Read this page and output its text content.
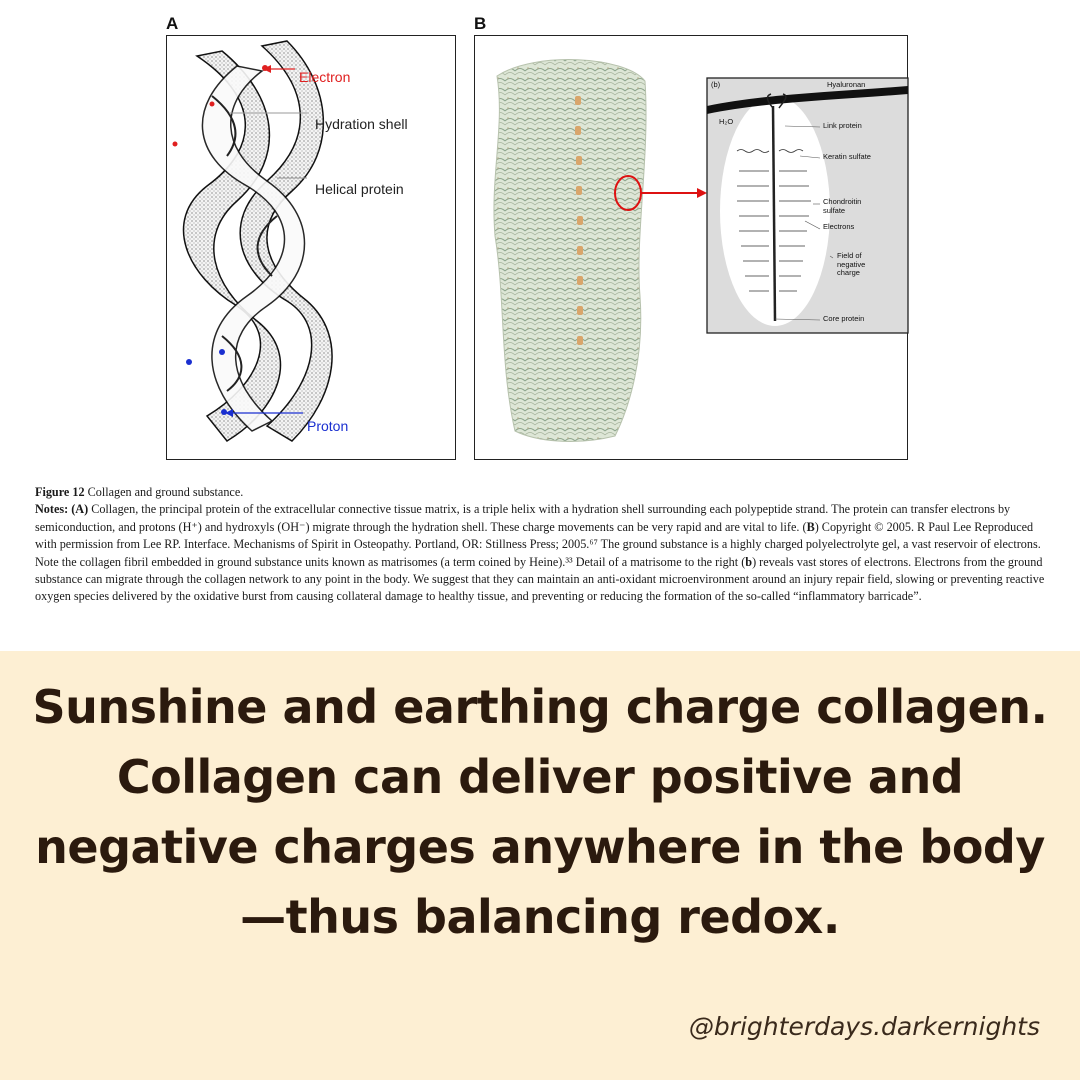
A	B
Electron
Hydration shell
Helical protein
Proton
(b)	Hyaluronan
H₂O	Link protein
Keratin sulfate
Chondroitin
sulfate
Electrons
Field of
negative
charge
Core protein

Figure 12 Collagen and ground substance.

Notes: (A) Collagen, the principal protein of the extracellular connective tissue matrix, is a triple helix with a hydration shell surrounding each polypeptide strand. The protein can transfer electrons by semiconduction, and protons (H⁺) and hydroxyls (OH⁻) migrate through the hydration shell. These charge movements can be very rapid and are vital to life. (B) Copyright © 2005. R Paul Lee Reproduced with permission from Lee RP. Interface. Mechanisms of Spirit in Osteopathy. Portland, OR: Stillness Press; 2005.⁶⁷ The ground substance is a highly charged polyelectrolyte gel, a vast reservoir of electrons. Note the collagen fibril embedded in ground substance units known as matrisomes (a term coined by Heine).³³ Detail of a matrisome to the right (b) reveals vast stores of electrons. Electrons from the ground substance can migrate through the collagen network to any point in the body. We suggest that they can maintain an anti-oxidant microenvironment around an injury repair field, slowing or preventing reactive oxygen species delivered by the oxidative burst from causing collateral damage to healthy tissue, and preventing or reducing the formation of the so-called “inflammatory barricade”.

Sunshine and earthing charge collagen. Collagen can deliver positive and negative charges anywhere in the body—thus balancing redox.
@brighterdays.darkernights
